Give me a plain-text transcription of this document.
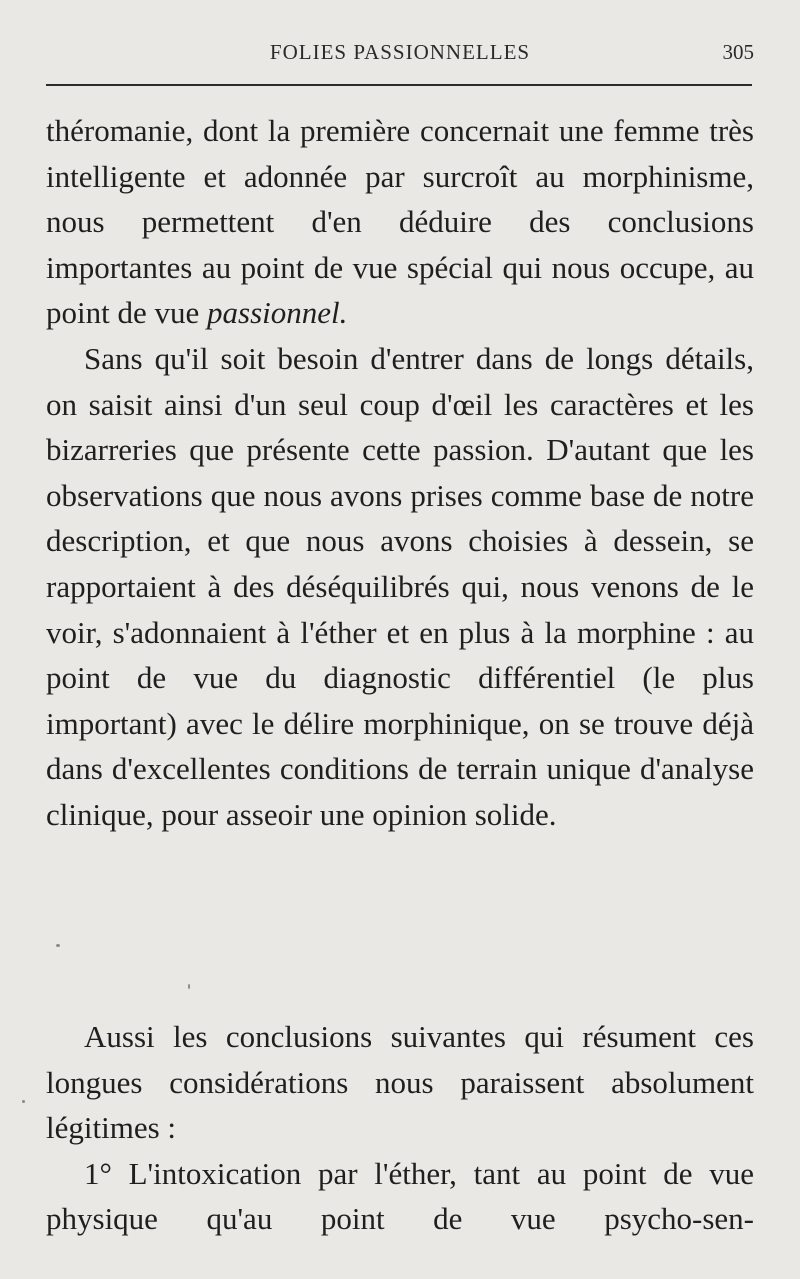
FOLIES PASSIONNELLES	305

théromanie, dont la première concernait une femme très intelligente et adonnée par surcroît au morphinisme, nous permettent d'en déduire des conclusions importantes au point de vue spécial qui nous occupe, au point de vue passionnel.

Sans qu'il soit besoin d'entrer dans de longs détails, on saisit ainsi d'un seul coup d'œil les caractères et les bizarreries que présente cette passion. D'autant que les observations que nous avons prises comme base de notre description, et que nous avons choisies à dessein, se rapportaient à des déséquilibrés qui, nous venons de le voir, s'adonnaient à l'éther et en plus à la morphine : au point de vue du diagnostic différentiel (le plus important) avec le délire morphinique, on se trouve déjà dans d'excellentes conditions de terrain unique d'analyse clinique, pour asseoir une opinion solide.

Aussi les conclusions suivantes qui résument ces longues considérations nous paraissent absolument légitimes :

1° L'intoxication par l'éther, tant au point de vue physique qu'au point de vue psycho-sen-
